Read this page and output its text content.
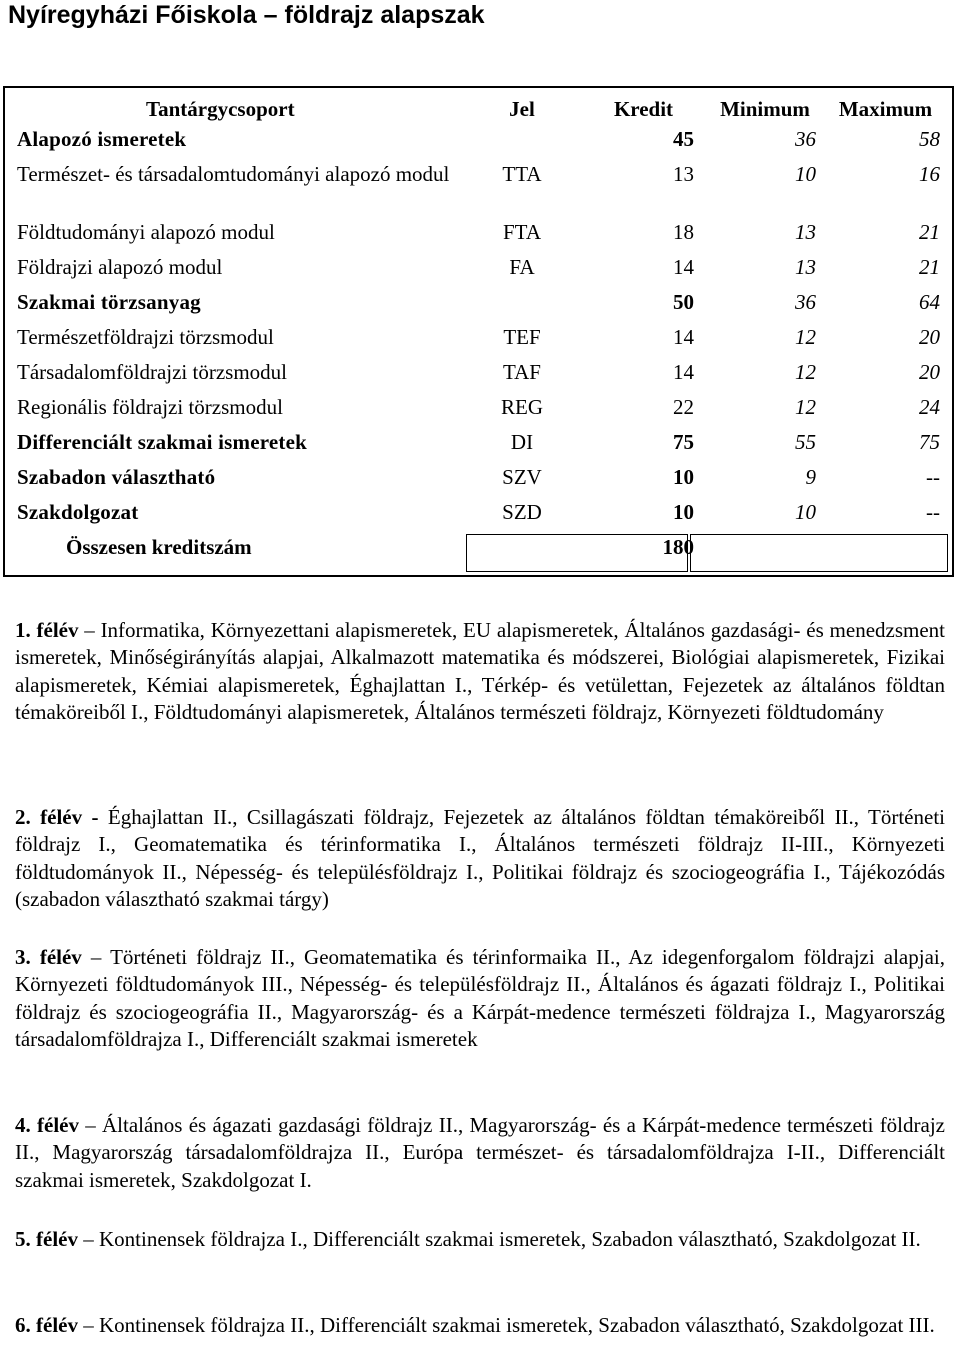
Nyíregyházi Főiskola – földrajz alapszak
Tantárgycsoport	Jel	Kredit	Minimum	Maximum
Alapozó ismeretek		45	36	58
Természet- és társadalomtudományi alapozó modul	TTA	13	10	16
Földtudományi alapozó modul	FTA	18	13	21
Földrajzi alapozó modul	FA	14	13	21
Szakmai törzsanyag		50	36	64
Természetföldrajzi törzsmodul	TEF	14	12	20
Társadalomföldrajzi törzsmodul	TAF	14	12	20
Regionális földrajzi törzsmodul	REG	22	12	24
Differenciált szakmai ismeretek	DI	75	55	75
Szabadon választható	SZV	10	9	--
Szakdolgozat	SZD	10	10	--
Összesen kreditszám		180		
1. félév – Informatika, Környezettani alapismeretek, EU alapismeretek, Általános gazdasági- és menedzsment ismeretek, Minőségirányítás alapjai, Alkalmazott matematika és módszerei, Biológiai alapismeretek, Fizikai alapismeretek, Kémiai alapismeretek, Éghajlattan I., Térkép- és vetülettan, Fejezetek az általános földtan témaköreiből I., Földtudományi alapismeretek, Általános természeti földrajz, Környezeti földtudomány
2. félév - Éghajlattan II., Csillagászati földrajz, Fejezetek az általános földtan témaköreiből II., Történeti földrajz I., Geomatematika és térinformatika I., Általános természeti földrajz II-III., Környezeti földtudományok II., Népesség- és településföldrajz I., Politikai földrajz és szociogeográfia I., Tájékozódás (szabadon választható szakmai tárgy)
3. félév – Történeti földrajz II., Geomatematika és térinformaika II., Az idegenforgalom földrajzi alapjai, Környezeti földtudományok III., Népesség- és településföldrajz II., Általános és ágazati földrajz I., Politikai földrajz és szociogeográfia II., Magyarország- és a Kárpát-medence természeti földrajza I., Magyarország társadalomföldrajza I., Differenciált szakmai ismeretek
4. félév – Általános és ágazati gazdasági földrajz II., Magyarország- és a Kárpát-medence természeti földrajz II., Magyarország társadalomföldrajza II., Európa természet- és társadalomföldrajza I-II., Differenciált szakmai ismeretek, Szakdolgozat I.
5. félév – Kontinensek földrajza I., Differenciált szakmai ismeretek, Szabadon választható, Szakdolgozat II.
6. félév – Kontinensek földrajza II., Differenciált szakmai ismeretek, Szabadon választható, Szakdolgozat III.
